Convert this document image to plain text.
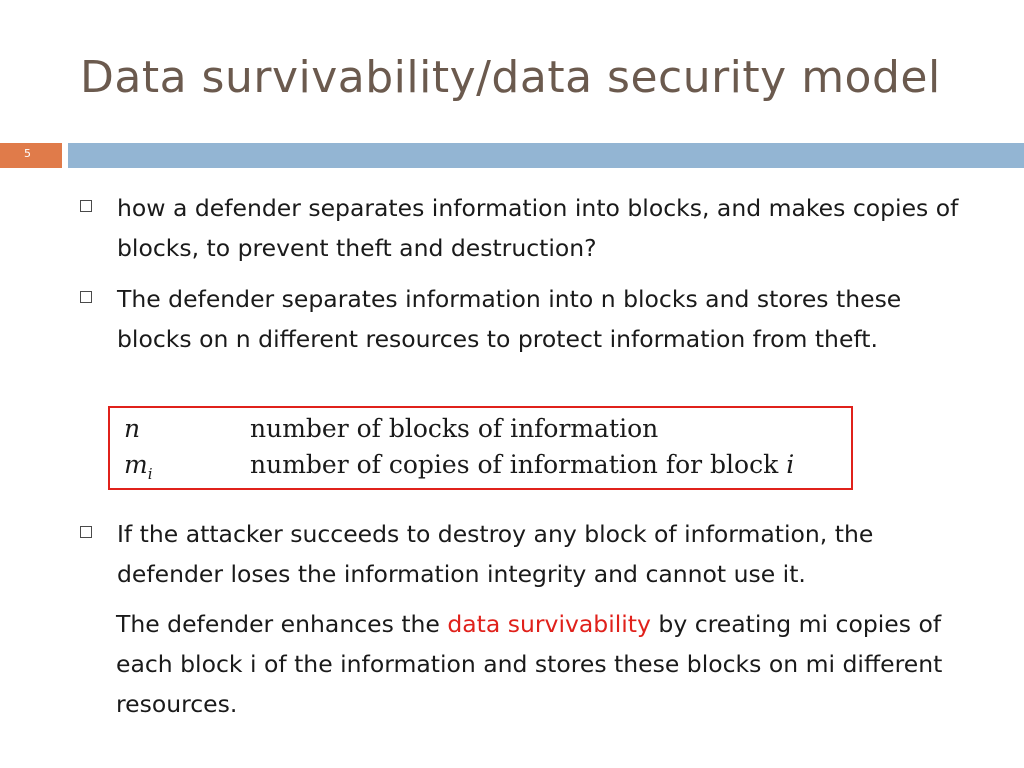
Data survivability/data security model
5
how a defender separates information into blocks, and makes copies of blocks, to prevent theft and destruction?
The defender separates information into n blocks and stores these blocks on n different resources to protect information from theft.
n	number of blocks of information
$m_i$	number of copies of information for block i
If the attacker succeeds to destroy any block of information, the defender loses the information integrity and cannot use it.
The defender enhances the data survivability by creating mi copies of each block i of the information and stores these blocks on mi different resources.
